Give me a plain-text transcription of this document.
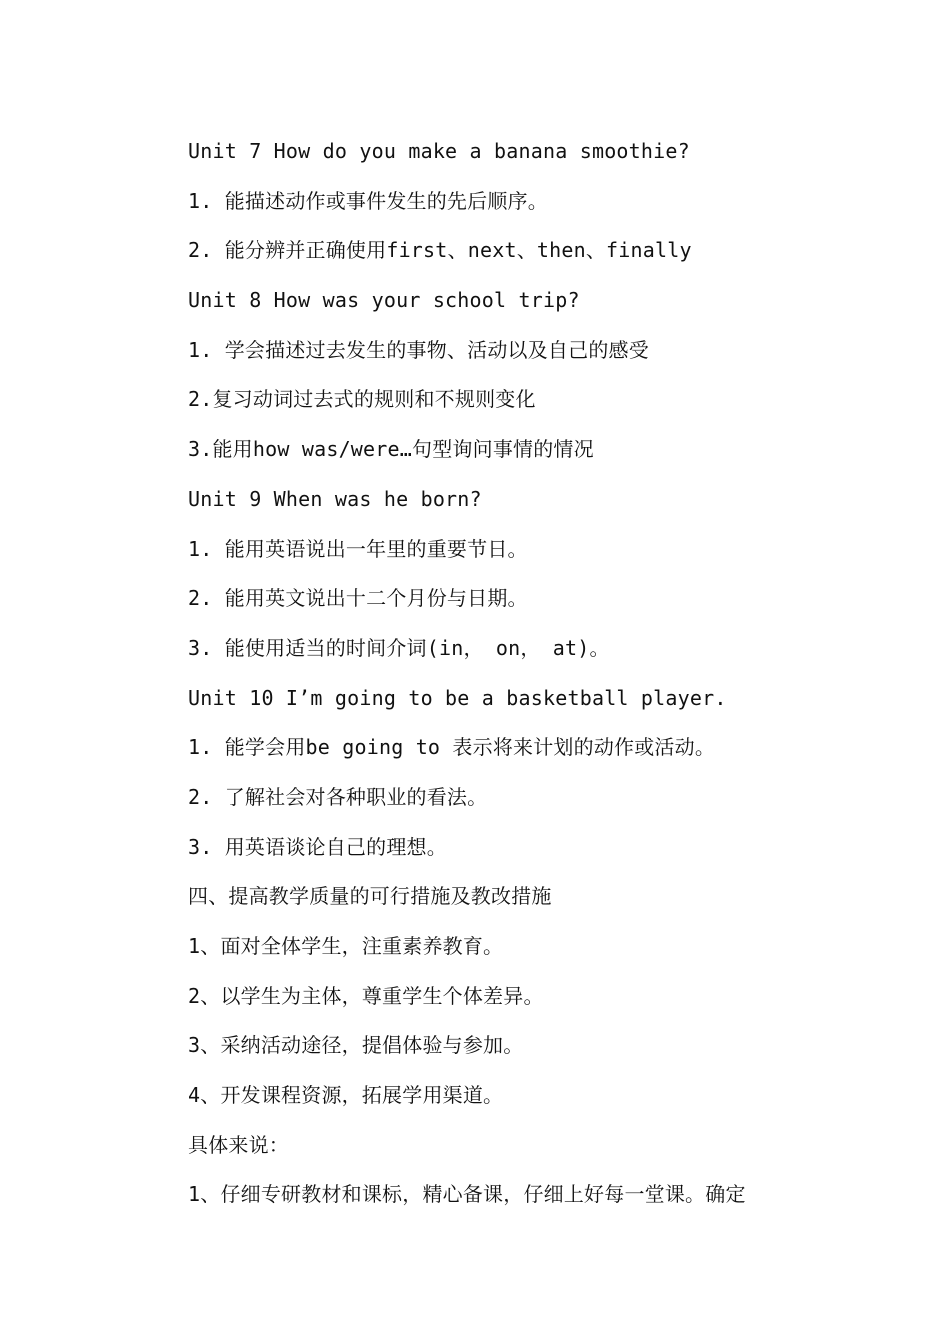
Unit 7 How do you make a banana smoothie?
1. 能描述动作或事件发生的先后顺序。
2. 能分辨并正确使用first、next、then、finally
Unit 8 How was your school trip?
1. 学会描述过去发生的事物、活动以及自己的感受
2.复习动词过去式的规则和不规则变化
3.能用how was/were…句型询问事情的情况
Unit 9 When was he born?
1. 能用英语说出一年里的重要节日。
2. 能用英文说出十二个月份与日期。
3. 能使用适当的时间介词(in， on， at)。
Unit 10 I’m going to be a basketball player.
1. 能学会用be going to 表示将来计划的动作或活动。
2. 了解社会对各种职业的看法。
3. 用英语谈论自己的理想。
四、提高教学质量的可行措施及教改措施
1、面对全体学生，注重素养教育。
2、以学生为主体，尊重学生个体差异。
3、采纳活动途径，提倡体验与参加。
4、开发课程资源，拓展学用渠道。
具体来说：
1、仔细专研教材和课标，精心备课，仔细上好每一堂课。确定
